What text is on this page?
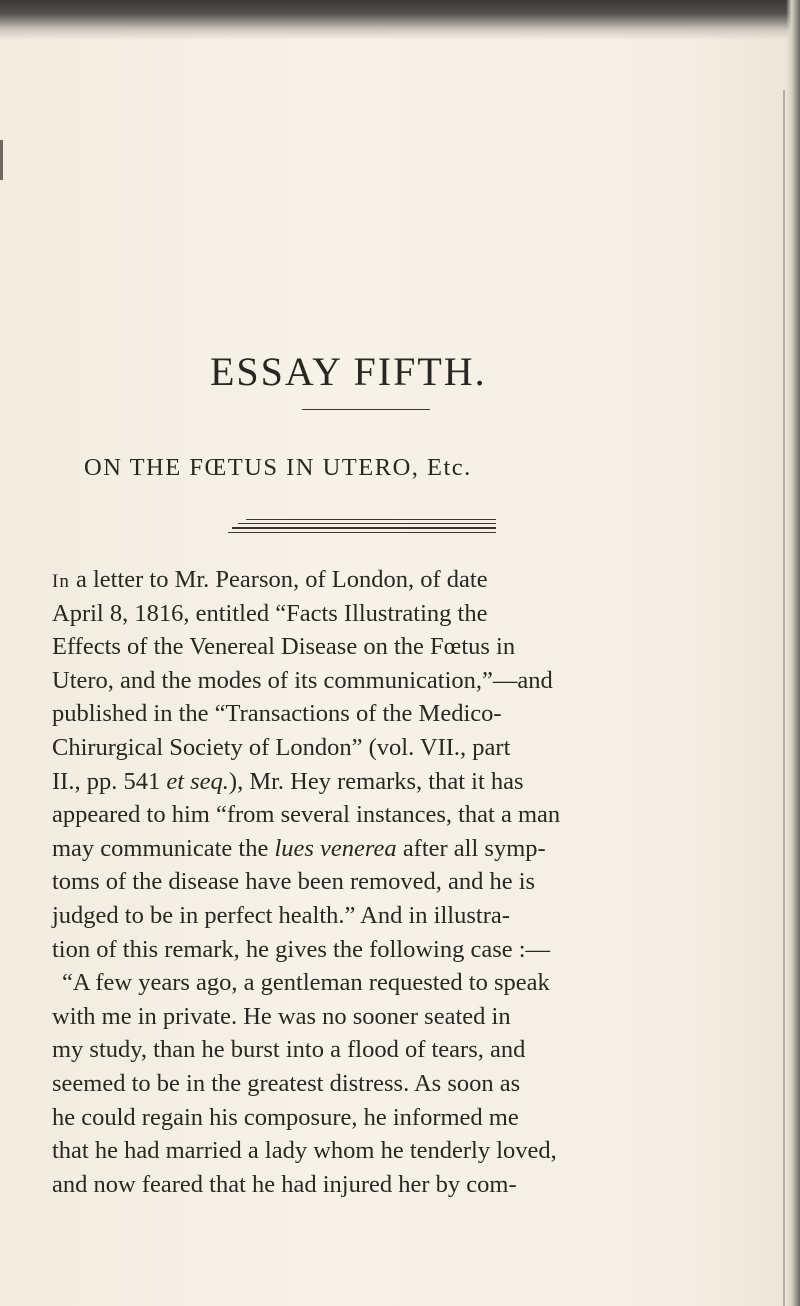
ESSAY FIFTH.
ON THE FŒTUS IN UTERO, Etc.
In a letter to Mr. Pearson, of London, of date
April 8, 1816, entitled “Facts Illustrating the
Effects of the Venereal Disease on the Fœtus in
Utero, and the modes of its communication,”—and
published in the “Transactions of the Medico-
Chirurgical Society of London” (vol. VII., part
II., pp. 541 et seq.), Mr. Hey remarks, that it has
appeared to him “from several instances, that a man
may communicate the lues venerea after all symp-
toms of the disease have been removed, and he is
judged to be in perfect health.” And in illustra-
tion of this remark, he gives the following case :—
“A few years ago, a gentleman requested to speak
with me in private. He was no sooner seated in
my study, than he burst into a flood of tears, and
seemed to be in the greatest distress. As soon as
he could regain his composure, he informed me
that he had married a lady whom he tenderly loved,
and now feared that he had injured her by com-
